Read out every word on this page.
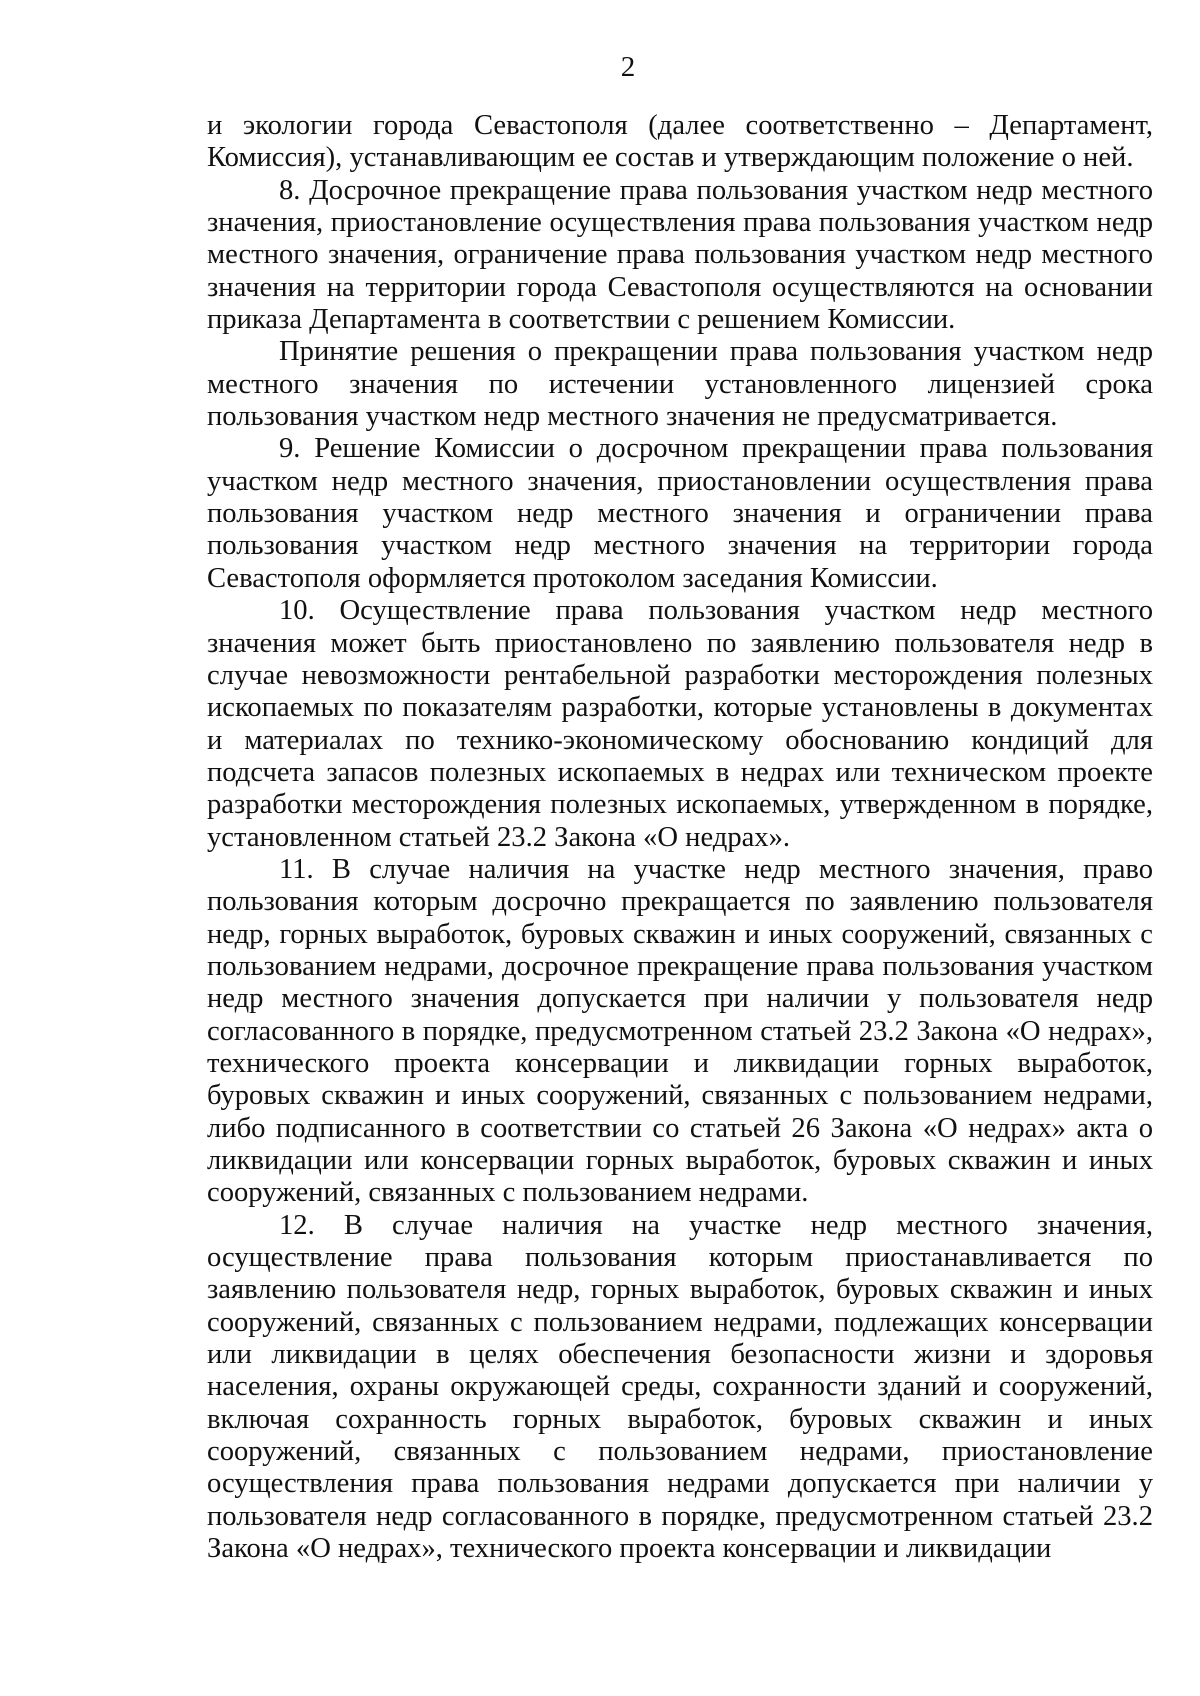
2

и экологии города Севастополя (далее соответственно – Департамент, Комиссия), устанавливающим ее состав и утверждающим положение о ней.

8. Досрочное прекращение права пользования участком недр местного значения, приостановление осуществления права пользования участком недр местного значения, ограничение права пользования участком недр местного значения на территории города Севастополя осуществляются на основании приказа Департамента в соответствии с решением Комиссии.

Принятие решения о прекращении права пользования участком недр местного значения по истечении установленного лицензией срока пользования участком недр местного значения не предусматривается.

9. Решение Комиссии о досрочном прекращении права пользования участком недр местного значения, приостановлении осуществления права пользования участком недр местного значения и ограничении права пользования участком недр местного значения на территории города Севастополя оформляется протоколом заседания Комиссии.

10. Осуществление права пользования участком недр местного значения может быть приостановлено по заявлению пользователя недр в случае невозможности рентабельной разработки месторождения полезных ископаемых по показателям разработки, которые установлены в документах и материалах по технико-экономическому обоснованию кондиций для подсчета запасов полезных ископаемых в недрах или техническом проекте разработки месторождения полезных ископаемых, утвержденном в порядке, установленном статьей 23.2 Закона «О недрах».

11. В случае наличия на участке недр местного значения, право пользования которым досрочно прекращается по заявлению пользователя недр, горных выработок, буровых скважин и иных сооружений, связанных с пользованием недрами, досрочное прекращение права пользования участком недр местного значения допускается при наличии у пользователя недр согласованного в порядке, предусмотренном статьей 23.2 Закона «О недрах», технического проекта консервации и ликвидации горных выработок, буровых скважин и иных сооружений, связанных с пользованием недрами, либо подписанного в соответствии со статьей 26 Закона «О недрах» акта о ликвидации или консервации горных выработок, буровых скважин и иных сооружений, связанных с пользованием недрами.

12. В случае наличия на участке недр местного значения, осуществление права пользования которым приостанавливается по заявлению пользователя недр, горных выработок, буровых скважин и иных сооружений, связанных с пользованием недрами, подлежащих консервации или ликвидации в целях обеспечения безопасности жизни и здоровья населения, охраны окружающей среды, сохранности зданий и сооружений, включая сохранность горных выработок, буровых скважин и иных сооружений, связанных с пользованием недрами, приостановление осуществления права пользования недрами допускается при наличии у пользователя недр согласованного в порядке, предусмотренном статьей 23.2 Закона «О недрах», технического проекта консервации и ликвидации
